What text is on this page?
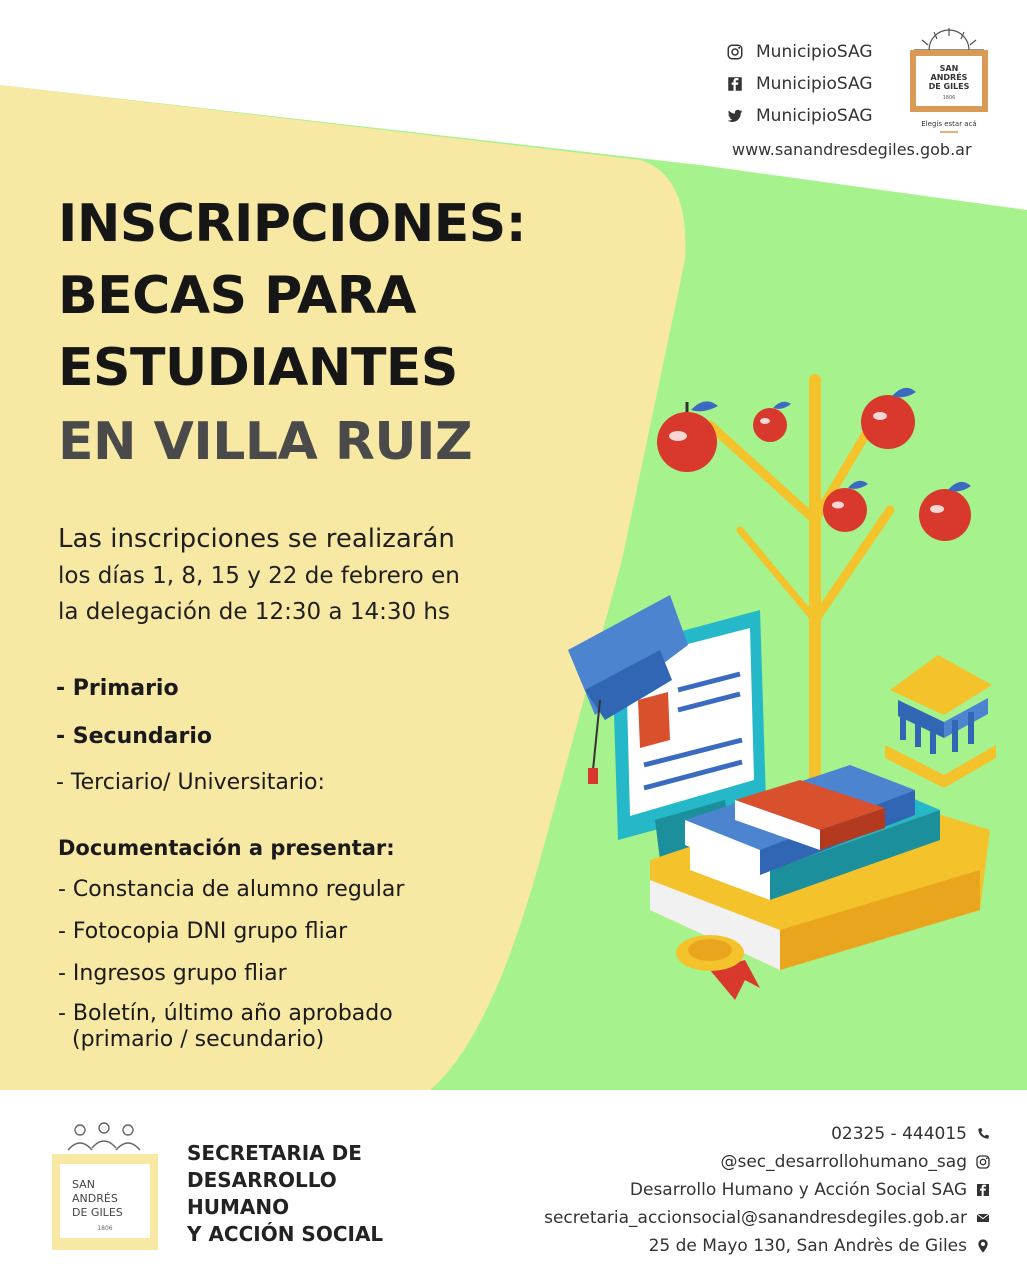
MunicipioSAG
MunicipioSAG
MunicipioSAG
www.sanandresdegiles.gob.ar
SAN
ANDRÉS
DE GILES
1806
Elegís estar acá
INSCRIPCIONES:
BECAS PARA
ESTUDIANTES
EN VILLA RUIZ
Las inscripciones se realizarán
los días 1, 8, 15 y 22 de febrero en
la delegación de 12:30 a 14:30 hs
- Primario
- Secundario
- Terciario/ Universitario:
Documentación a presentar:
- Constancia de alumno regular
- Fotocopia DNI grupo fliar
- Ingresos grupo fliar
- Boletín, último año aprobado
(primario / secundario)
SAN
ANDRÉS
DE GILES
1806
SECRETARIA DE
DESARROLLO
HUMANO
Y ACCIÓN SOCIAL
02325 - 444015
@sec_desarrollohumano_sag
Desarrollo Humano y Acción Social SAG
secretaria_accionsocial@sanandresdegiles.gob.ar
25 de Mayo 130, San Andrès de Giles
